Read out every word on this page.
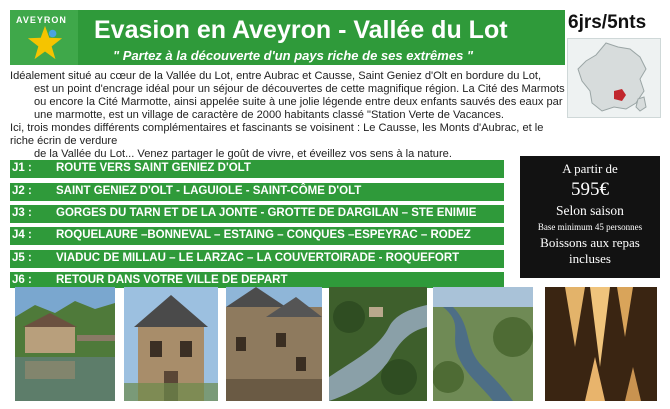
AVEYRON Evasion en Aveyron - Vallée du Lot
" Partez à la découverte d'un pays riche de ses extrêmes "
6jrs/5nts

Idéalement situé au cœur de la Vallée du Lot, entre Aubrac et Causse, Saint Geniez d'Olt en bordure du Lot,

est un point d'encrage idéal pour un séjour de découvertes de cette magnifique région. La Cité des Marmots

ou encore la Cité Marmotte, ainsi appelée suite à une jolie légende entre deux enfants sauvés des eaux par

une marmotte, est un village de caractère de 2000 habitants classé "Station Verte de Vacances.

Ici, trois mondes différents complémentaires et fascinants se voisinent : Le Causse, les Monts d'Aubrac, et le riche écrin de verdure

de la Vallée du Lot... Venez partager le goût de vivre, et éveillez vos sens à la nature.

J1 : ROUTE VERS SAINT GENIEZ D'OLT
J2 : SAINT GENIEZ D'OLT - LAGUIOLE - SAINT-CÔME D'OLT
J3 : GORGES DU TARN ET DE LA JONTE - GROTTE DE DARGILAN – STE ENIMIE
J4 : ROQUELAURE –BONNEVAL – ESTAING – CONQUES –ESPEYRAC – RODEZ
J5 : VIADUC DE MILLAU – LE LARZAC – LA COUVERTOIRADE - ROQUEFORT
J6 : RETOUR DANS VOTRE VILLE DE DEPART
A partir de
595€
Selon saison
Base minimum 45 personnes
Boissons aux repas incluses
